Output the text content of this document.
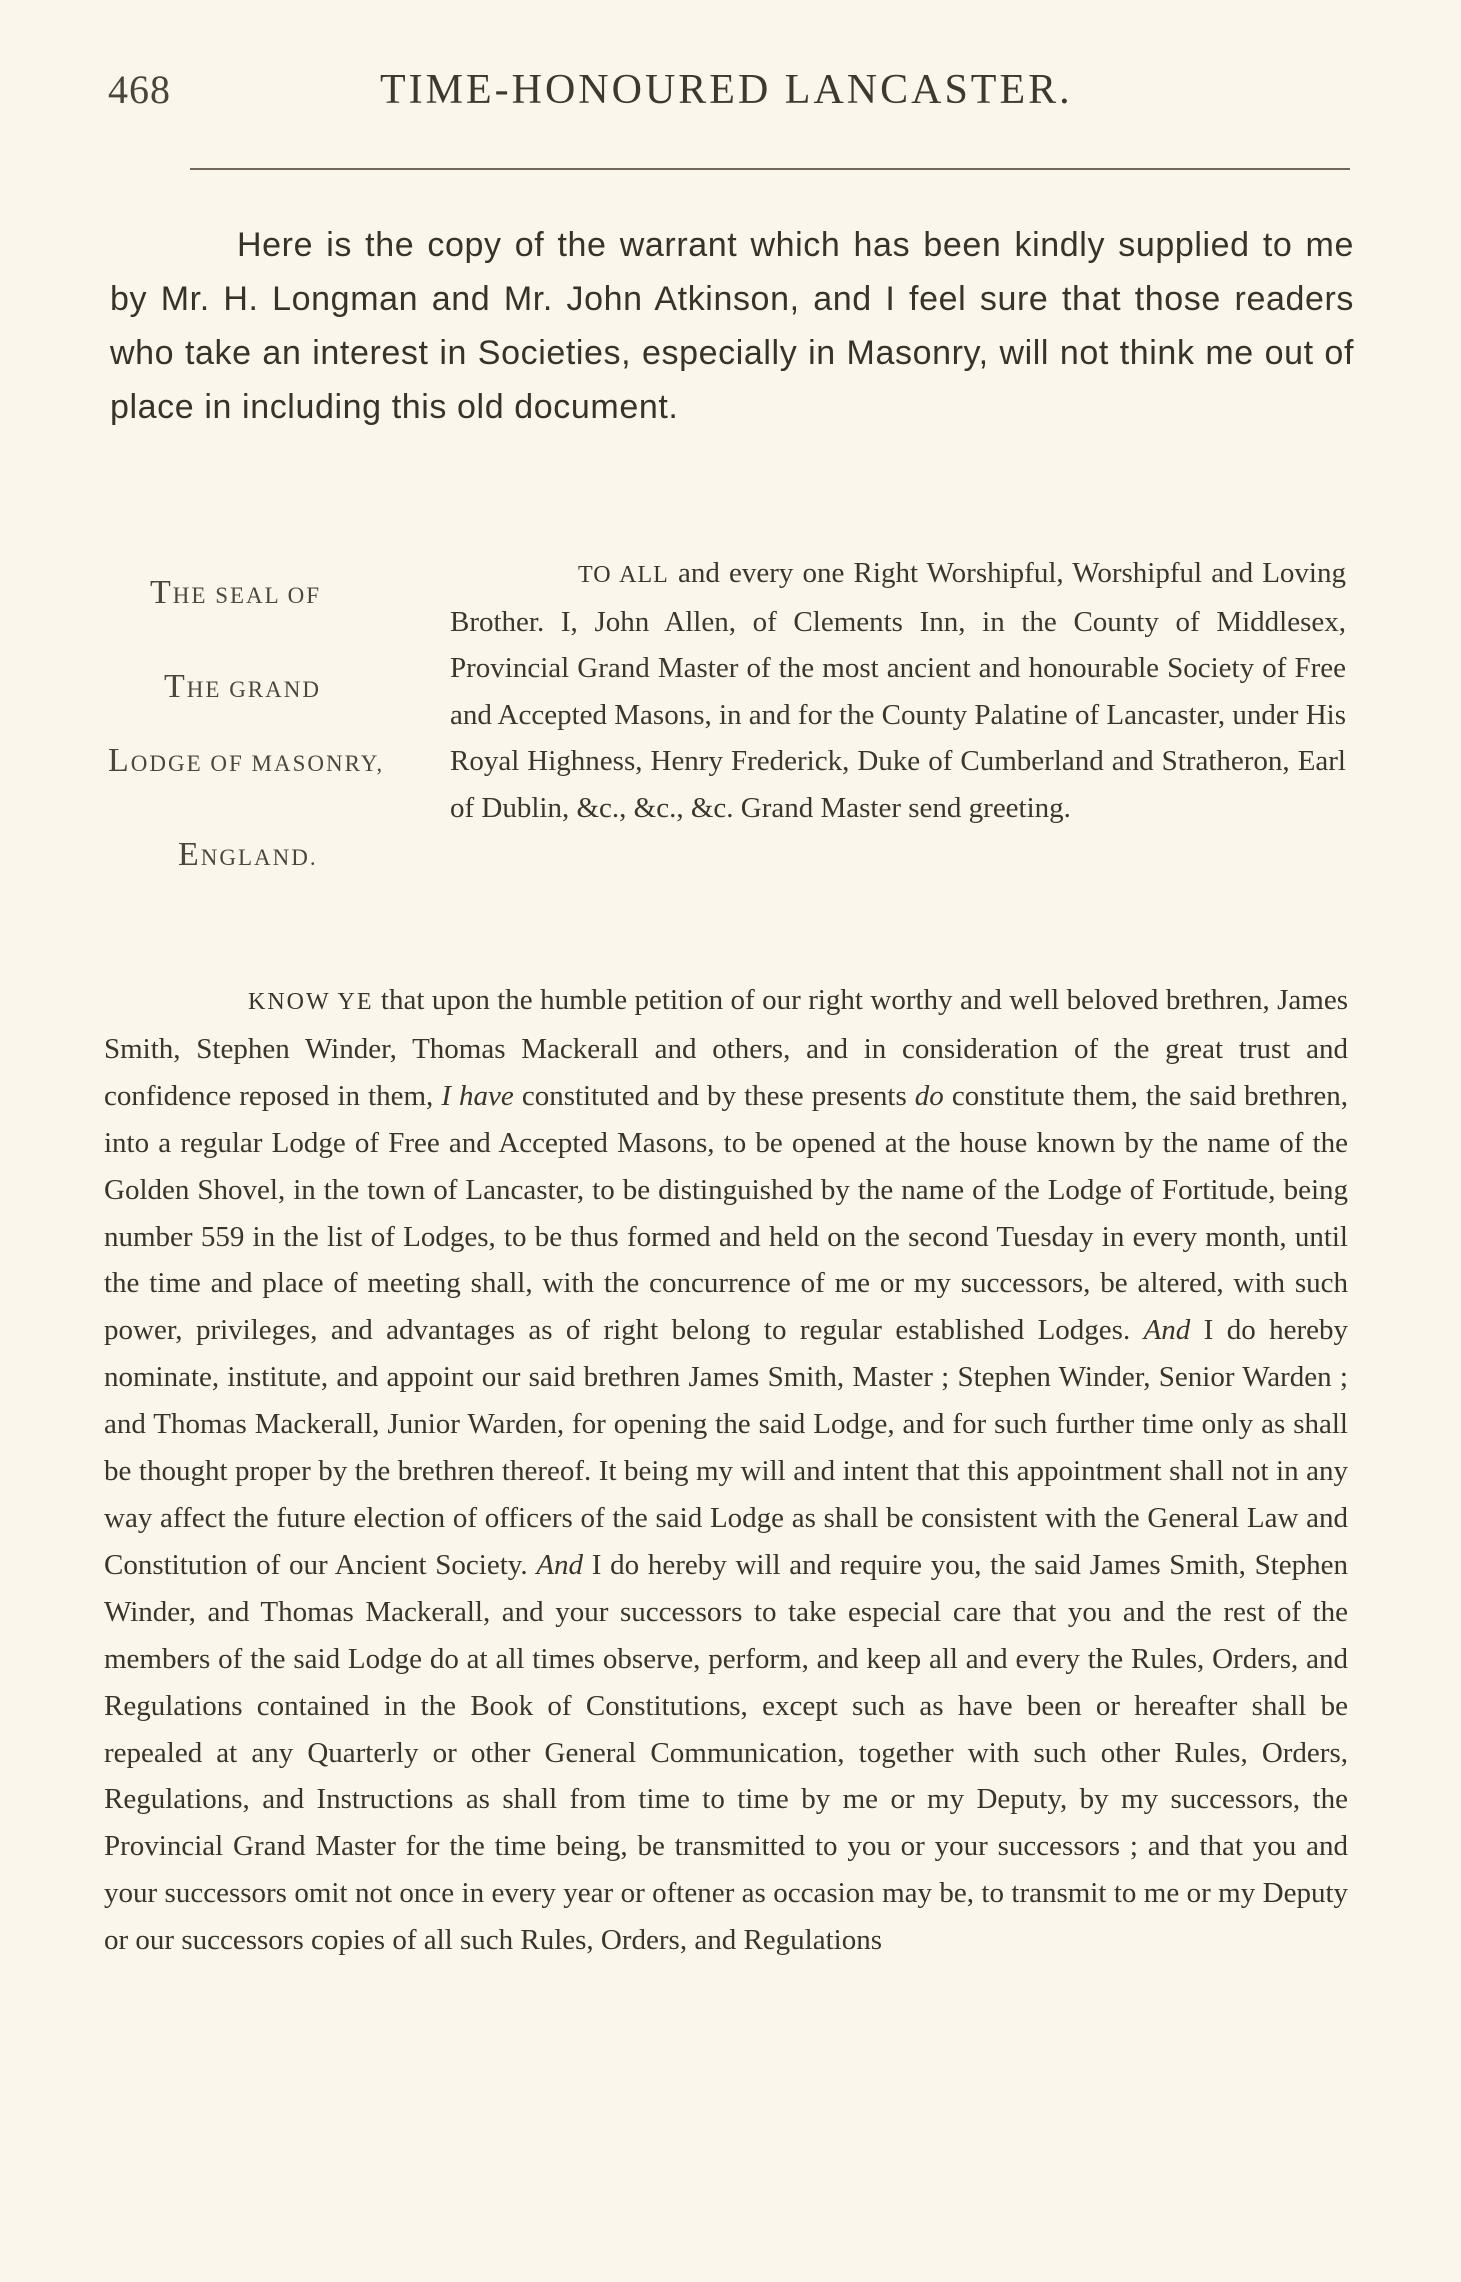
468	TIME-HONOURED LANCASTER.

Here is the copy of the warrant which has been kindly supplied to me by Mr. H. Longman and Mr. John Atkinson, and I feel sure that those readers who take an interest in Societies, especially in Masonry, will not think me out of place in including this old document.

THE SEAL OF
THE GRAND
LODGE OF MASONRY,
ENGLAND.

TO ALL and every one Right Worshipful, Worshipful and Loving Brother. I, John Allen, of Clements Inn, in the County of Middlesex, Provincial Grand Master of the most ancient and honourable Society of Free and Accepted Masons, in and for the County Palatine of Lancaster, under His Royal Highness, Henry Frederick, Duke of Cumberland and Stratheron, Earl of Dublin, &c., &c., &c. Grand Master send greeting.

KNOW YE that upon the humble petition of our right worthy and well beloved brethren, James Smith, Stephen Winder, Thomas Mackerall and others, and in consideration of the great trust and confidence reposed in them, I have constituted and by these presents do constitute them, the said brethren, into a regular Lodge of Free and Accepted Masons, to be opened at the house known by the name of the Golden Shovel, in the town of Lancaster, to be distinguished by the name of the Lodge of Fortitude, being number 559 in the list of Lodges, to be thus formed and held on the second Tuesday in every month, until the time and place of meeting shall, with the concurrence of me or my successors, be altered, with such power, privileges, and advantages as of right belong to regular established Lodges. And I do hereby nominate, institute, and appoint our said brethren James Smith, Master ; Stephen Winder, Senior Warden ; and Thomas Mackerall, Junior Warden, for opening the said Lodge, and for such further time only as shall be thought proper by the brethren thereof. It being my will and intent that this appointment shall not in any way affect the future election of officers of the said Lodge as shall be consistent with the General Law and Constitution of our Ancient Society. And I do hereby will and require you, the said James Smith, Stephen Winder, and Thomas Mackerall, and your successors to take especial care that you and the rest of the members of the said Lodge do at all times observe, perform, and keep all and every the Rules, Orders, and Regulations contained in the Book of Constitutions, except such as have been or hereafter shall be repealed at any Quarterly or other General Communication, together with such other Rules, Orders, Regulations, and Instructions as shall from time to time by me or my Deputy, by my successors, the Provincial Grand Master for the time being, be transmitted to you or your successors ; and that you and your successors omit not once in every year or oftener as occasion may be, to transmit to me or my Deputy or our successors copies of all such Rules, Orders, and Regulations
